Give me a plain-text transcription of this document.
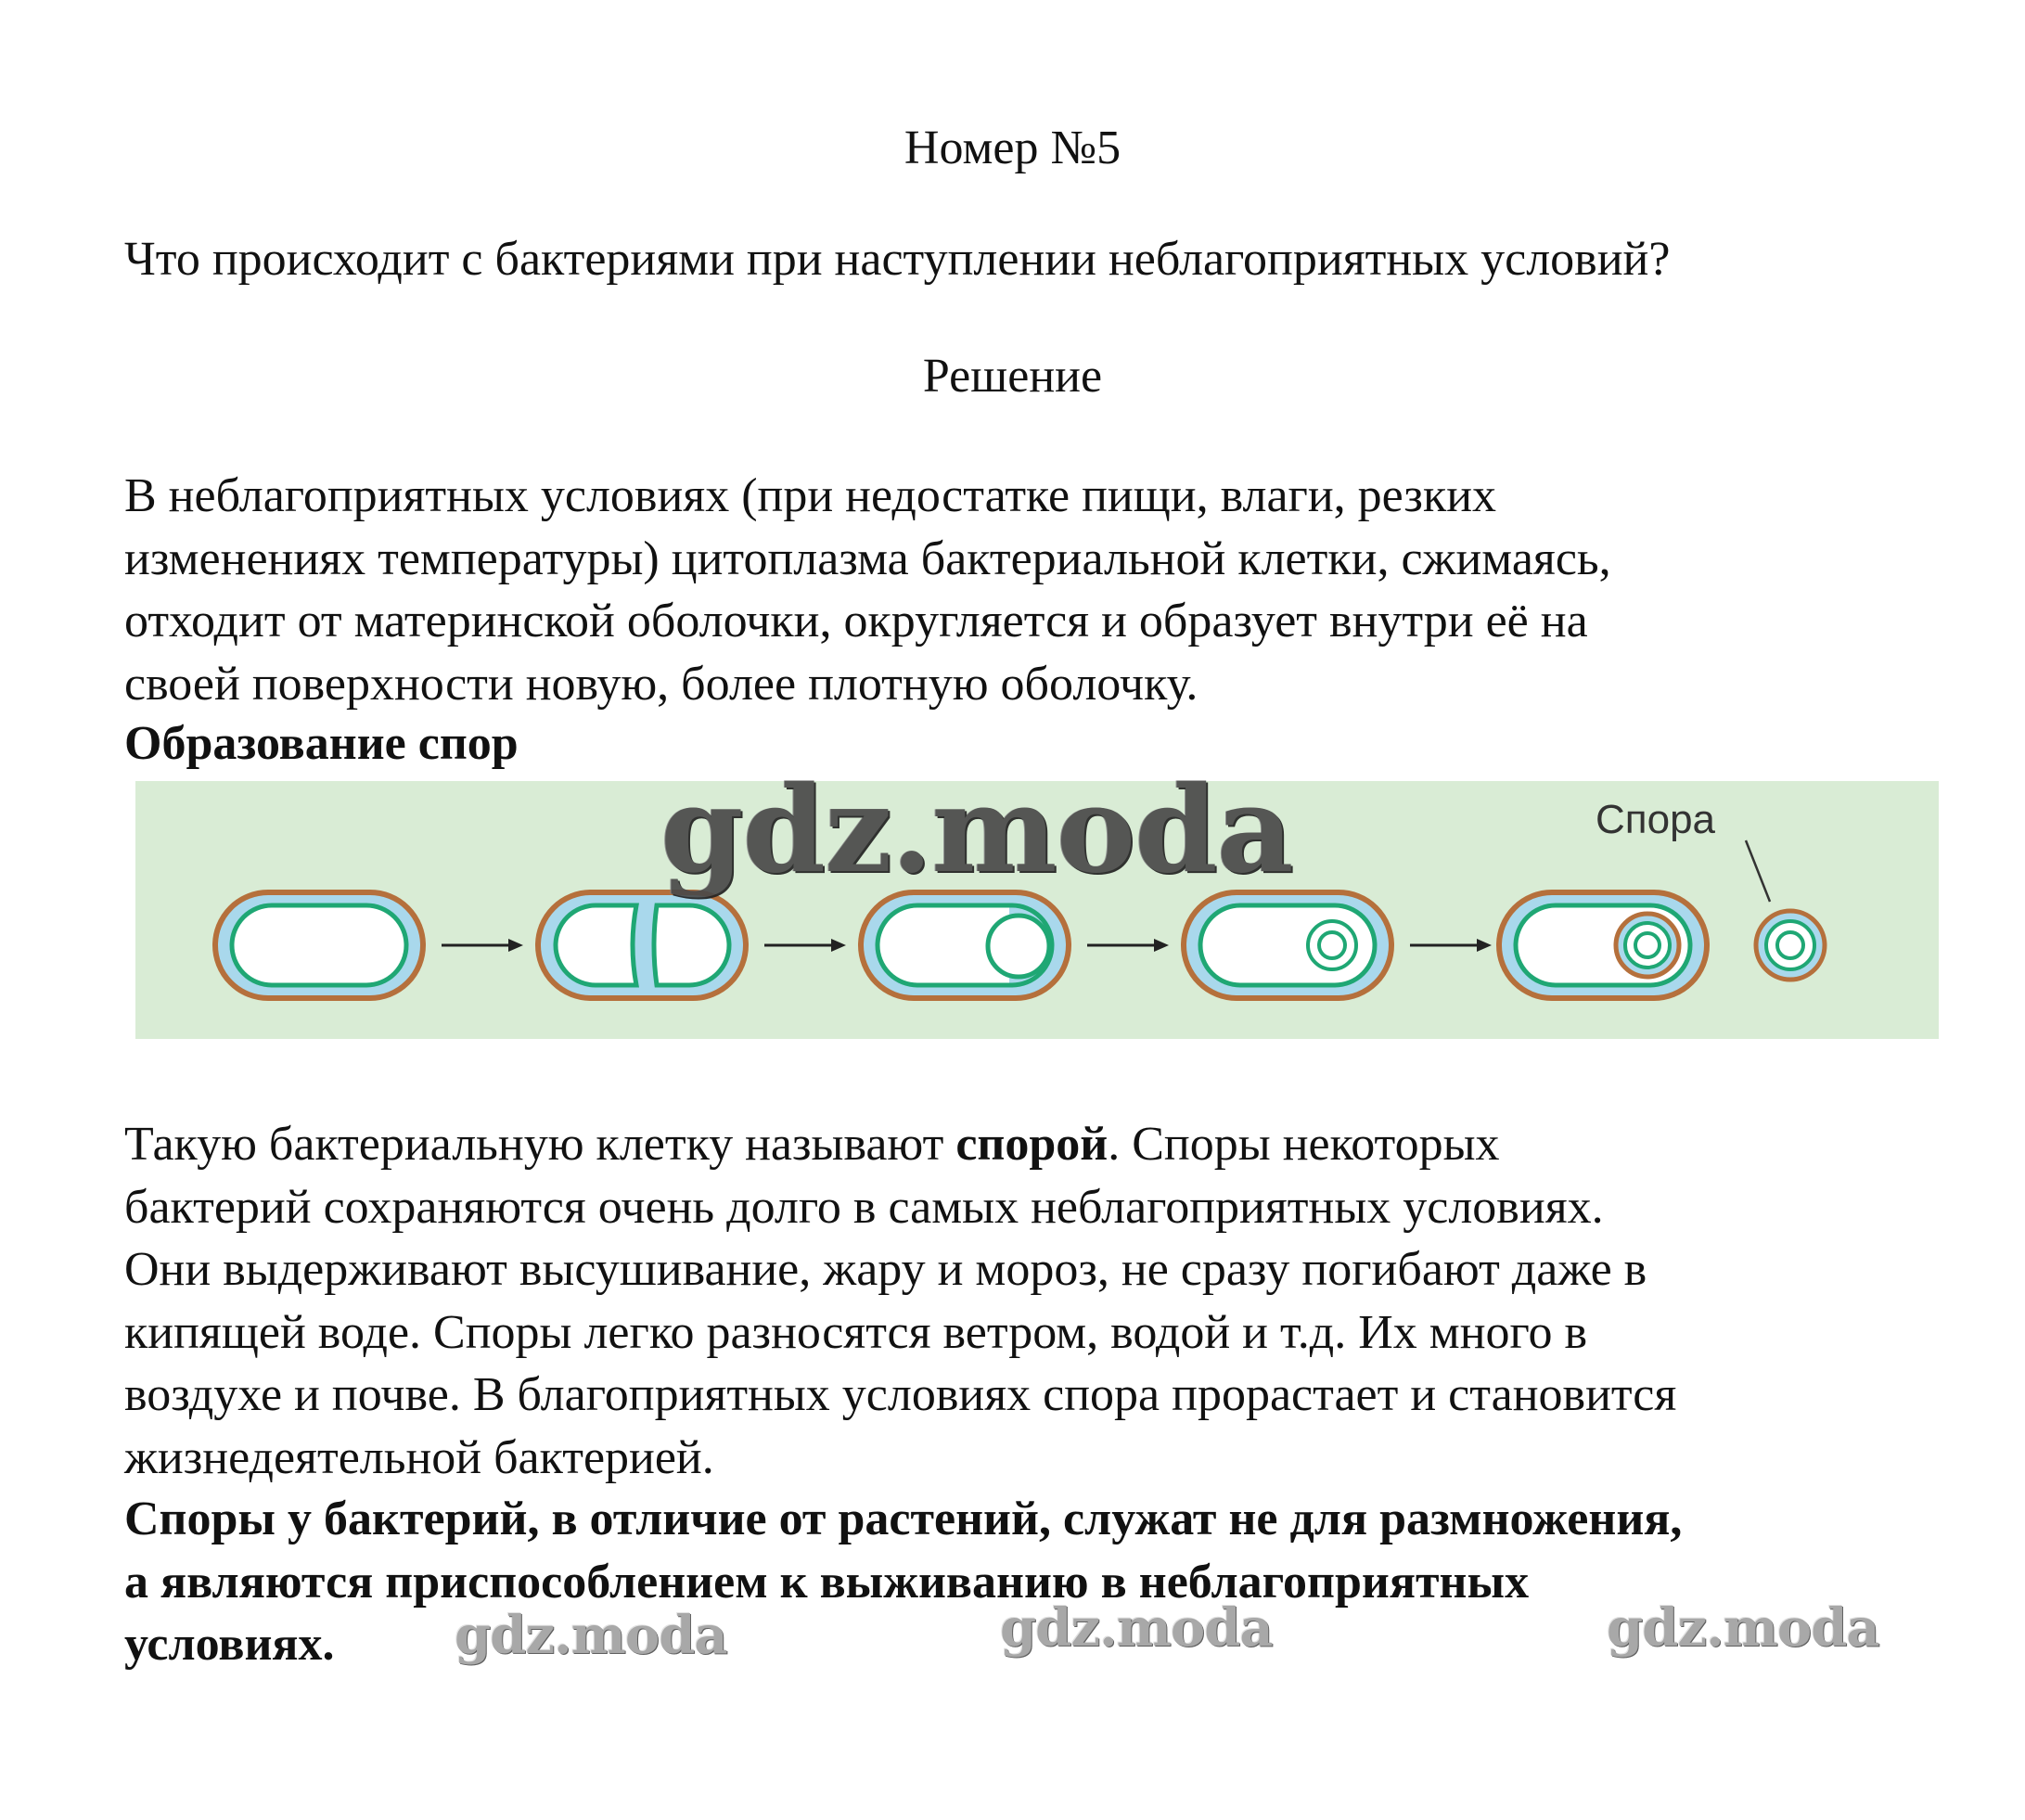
Номер №5
Что происходит с бактериями при наступлении неблагоприятных условий?
Решение
В неблагоприятных условиях (при недостатке пищи, влаги, резких
изменениях температуры) цитоплазма бактериальной клетки, сжимаясь,
отходит от материнской оболочки, округляется и образует внутри её на
своей поверхности новую, более плотную оболочку.
Образование спор
Спора
Такую бактериальную клетку называют спорой. Споры некоторых
бактерий сохраняются очень долго в самых неблагоприятных условиях.
Они выдерживают высушивание, жару и мороз, не сразу погибают даже в
кипящей воде. Споры легко разносятся ветром, водой и т.д. Их много в
воздухе и почве. В благоприятных условиях спора прорастает и становится
жизнедеятельной бактерией.
Споры у бактерий, в отличие от растений, служат не для размножения,
а являются приспособлением к выживанию в неблагоприятных
условиях.
gdz.moda
gdz.moda	gdz.moda	gdz.moda
